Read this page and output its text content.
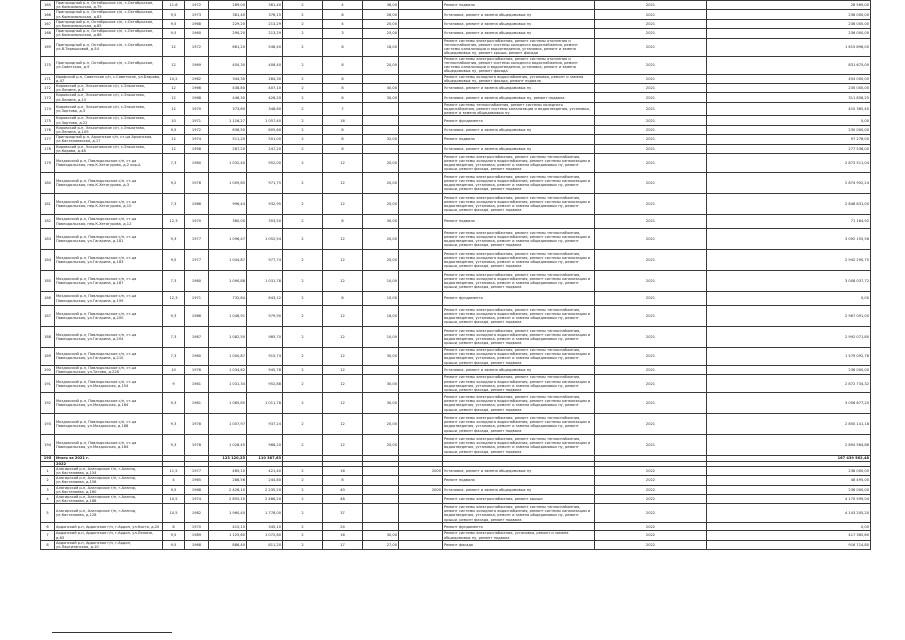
165	Пригородный р-н, Октябрьское с/п, с.Октябрьское, ул.Комсомольская, д.79	11.6	1972	289,00	381,40	2	4	36,00		Ремонт подвала	2021	28 569,00
166	Пригородный р-н, Октябрьское с/п, с.Октябрьское, ул.Комсомольская, д.83	9,5	1973	381,40	376,15	2	8	26,00		Установка, ремонт и замена общедомовых пу	2021	236 000,00
167	Пригородный р-н, Октябрьское с/п, с.Октябрьское, ул.Комсомольская, д.85	9,5	1968	229,20	213,29	2	4	20,00		Установка, ремонт и замена общедомовых пу	2021	236 000,00
168	Пригородный р-н, Октябрьское с/п, с.Октябрьское, ул.Комсомольская, д.86	9,5	1960	290,20	213,29	2	3	25,00		Установка, ремонт и замена общедомовых пу	2021	236 000,00
169	Пригородный р-н, Октябрьское с/п, с.Октябрьское, ул.В.Терешковой, д.54	12	1972	661,20	546,40	2	8	18,00		Ремонт системы электроснабжения, ремонт системы отопления и теплоснабжения, ремонт системы холодного водоснабжения, ремонт системы канализации и водоотведения, установка, ремонт и замена общедомовых пу, ремонт крыши, ремонт фасада	2021	1 615 896,00
170	Пригородный р-н, Октябрьское с/п, с.Октябрьское, ул.Советская, д.9	12	1969	450,30	408,40	2	8	20,00		Ремонт системы электроснабжения, ремонт системы отопления и теплоснабжения, ремонт системы холодного водоснабжения, ремонт системы канализации и водоотведения, установка, ремонт и замена общедомовых пу, ремонт фасада	2021	831 675,00
171	Ирафский р-н, Советское с/п, с.Советское, ул.Бзарова, д.47	10,2	1962	344,30	284,30	2	8			Ремонт системы холодного водоснабжения, установка, ремонт и замена общедомовых пу, ремонт фасада, ремонт подвала	2021	454 000,00
172	Кировский р-н, Эльхотовское с/п, с.Эльхотово, ул.Ленина, д.5	12	1966	438,80	407,10	2	8	40,00		Установка, ремонт и замена общедомовых пу	2021	230 000,00
173	Кировский р-н, Эльхотовское с/п, с.Эльхотово, ул.Ленина, д.15	12	1968	446,30	426,20	2	8	30,00		Установка, ремонт и замена общедомовых пу, ремонт подвала	2021	311 858,25
174	Кировский р-н, Эльхотовское с/п, с.Эльхотово, ул.Зортова, д.3	12	1970	373,60	348,60	2	7			Ремонт системы теплоснабжения, ремонт системы холодного водоснабжения, ремонт системы канализации и водоотведения, установка, ремонт и замена общедомовых пу	2021	410 365,40
175	Кировский р-н, Эльхотовское с/п, с.Эльхотово, ул.Зортова, д.22	10	1971	1 116,27	1 057,40	2	16			Ремонт фундамента	2021	0,00
176	Кировский р-н, Эльхотовское с/п, с.Эльхотово, ул.Ленина, д.109	9,5	1972	636,50	605,60	2	8			Установка, ремонт и замена общедомовых пу	2021	230 000,00
177	Пригородный р-н, Архонское с/п, ст-ца Архонская, ул.Кастанаевская, д.17	12	1974	511,20	501,00	2	8	32,00		Ремонт подвала	2021	97 276,00
178	Кировский р-н, Эльхотовское с/п, с.Эльхотово, ул.Кирова, д.48	12	1958	287,20	247,20	2	6			Установка, ремонт и замена общедомовых пу	2021	277 536,00
179	Моздокский р-н, Павлодольское с/п, ст-ца Павлодольская, пер.К.Хетагурова, д.2 кор.А	7,3	1980	1 032,40	952,00	2	12	20,00		Ремонт системы электроснабжения, ремонт системы теплоснабжения, ремонт системы холодного водоснабжения, ремонт системы канализации и водоотведения, установка, ремонт и замена общедомовых пу, ремонт крыши, ремонт фасада, ремонт подвала	2021	2 873 511,04
180	Моздокский р-н, Павлодольское с/п, ст-ца Павлодольская, пер.К.Хетагурова, д.3	9,2	1978	1 009,65	971,75	2	12	20,00		Ремонт системы электроснабжения, ремонт системы теплоснабжения, ремонт системы холодного водоснабжения, ремонт системы канализации и водоотведения, установка, ремонт и замена общедомовых пу, ремонт крыши, ремонт фасада, ремонт подвала	2021	2 874 952,24
181	Моздокский р-н, Павлодольское с/п, ст-ца Павлодольская, пер.К.Хетагурова, д.10	7,3	1986	996,44	932,95	2	12	20,00		Ремонт системы электроснабжения, ремонт системы теплоснабжения, ремонт системы холодного водоснабжения, ремонт системы канализации и водоотведения, установка, ремонт и замена общедомовых пу, ремонт крыши, ремонт фасада, ремонт подвала	2021	2 848 831,00
182	Моздокский р-н, Павлодольское с/п, ст-ца Павлодольская, пер.К.Хетагурова, д.12	12,3	1970	380,00	353,50	2	8	30,00		Ремонт подвала	2021	71 164,92
183	Моздокский р-н, Павлодольское с/п, ст-ца Павлодольская, ул.Гагарина, д.181	9,3	1977	1 096,47	1 052,54	2	12	20,00		Ремонт системы электроснабжения, ремонт системы теплоснабжения, ремонт системы холодного водоснабжения, ремонт системы канализации и водоотведения, установка, ремонт и замена общедомовых пу, ремонт крыши, ремонт фасада, ремонт подвала	2021	3 092 155,56
184	Моздокский р-н, Павлодольское с/п, ст-ца Павлодольская, ул.Гагарина, д.183	9,5	1977	1 044,87	977,74	2	12	20,00		Ремонт системы электроснабжения, ремонт системы теплоснабжения, ремонт системы холодного водоснабжения, ремонт системы канализации и водоотведения, установка, ремонт и замена общедомовых пу, ремонт крыши, ремонт фасада, ремонт подвала	2021	2 942 290,75
185	Моздокский р-н, Павлодольское с/п, ст-ца Павлодольская, ул.Гагарина, д.187	7,3	1980	1 090,88	1 031,78	2	12	10,00		Ремонт системы электроснабжения, ремонт системы теплоснабжения, ремонт системы холодного водоснабжения, ремонт системы канализации и водоотведения, установка, ремонт и замена общедомовых пу, ремонт крыши, ремонт фасада, ремонт подвала	2021	3 008 037,72
186	Моздокский р-н, Павлодольское с/п, ст-ца Павлодольская, ул.Гагарина, д.199	12,3	1971	732,84	643,12	2	8	10,00		Ремонт фундамента	2021	0,00
187	Моздокский р-н, Павлодольское с/п, ст-ца Павлодольская, ул.Гагарина, д.200	9,3	1986	1 048,91	979,90	2	12	16,00		Ремонт системы электроснабжения, ремонт системы теплоснабжения, ремонт системы холодного водоснабжения, ремонт системы канализации и водоотведения, установка, ремонт и замена общедомовых пу, ремонт крыши, ремонт фасада, ремонт подвала	2021	2 967 091,00
188	Моздокский р-н, Павлодольское с/п, ст-ца Павлодольская, ул.Гагарина, д.204	7,3	1987	1 082,50	985,70	2	12	10,00		Ремонт системы электроснабжения, ремонт системы теплоснабжения, ремонт системы холодного водоснабжения, ремонт системы канализации и водоотведения, установка, ремонт и замена общедомовых пу, ремонт крыши, ремонт фасада, ремонт подвала	2021	2 992 071,80
189	Моздокский р-н, Павлодольское с/п, ст-ца Павлодольская, ул.Гагарина, д.210	7,3	1980	1 000,87	915,74	2	12	30,00		Ремонт системы электроснабжения, ремонт системы теплоснабжения, ремонт системы холодного водоснабжения, ремонт системы канализации и водоотведения, установка, ремонт и замена общедомовых пу, ремонт крыши, ремонт фасада, ремонт подвала	2021	1 579 092,76
190	Моздокский р-н, Павлодольское с/п, ст-ца Павлодольская, ул.Титова, д.228	10	1976	1 034,62	945,78	2	12			Установка, ремонт и замена общедомовых пу	2021	236 000,00
191	Моздокский р-н, Павлодольское с/п, ст-ца Павлодольская, ул.Моздокская, д.154	9	1981	1 031,34	952,88	2	12	30,00		Ремонт системы электроснабжения, ремонт системы теплоснабжения, ремонт системы холодного водоснабжения, ремонт системы канализации и водоотведения, установка, ремонт и замена общедомовых пу, ремонт крыши, ремонт фасада, ремонт подвала	2021	2 872 734,32
192	Моздокский р-н, Павлодольское с/п, ст-ца Павлодольская, ул.Моздокская, д.164	9,3	1981	1 085,85	1 011,78	2	12	30,00		Ремонт системы электроснабжения, ремонт системы теплоснабжения, ремонт системы холодного водоснабжения, ремонт системы канализации и водоотведения, установка, ремонт и замена общедомовых пу, ремонт крыши, ремонт фасада, ремонт подвала	2021	3 056 677,20
193	Моздокский р-н, Павлодольское с/п, ст-ца Павлодольская, ул.Моздокская, д.168	9,3	1978	1 007,97	937,24	2	12	20,00		Ремонт системы электроснабжения, ремонт системы теплоснабжения, ремонт системы холодного водоснабжения, ремонт системы канализации и водоотведения, установка, ремонт и замена общедомовых пу, ремонт крыши, ремонт фасада, ремонт подвала	2021	2 850 141,18
194	Моздокский р-н, Павлодольское с/п, ст-ца Павлодольская, ул.Моздокская, д.164	9,3	1978	1 028,45	966,20	2	12	20,00		Ремонт системы электроснабжения, ремонт системы теплоснабжения, ремонт системы холодного водоснабжения, ремонт системы канализации и водоотведения, установка, ремонт и замена общедомовых пу, ремонт крыши, ремонт фасада, ремонт подвала	2021	2 894 564,86
195	Итого за 2021 г.			123 120,25	110 387,63							167 439 562,48
	2022											
1	Алагирский р-н, Алагирское г/п, г.Алагир, ул.Кастанаева, д.154	11,5	1977	465,10	421,40	2	16		2000	Установка, ремонт и замена общедомовых пу	2022	236 000,00
2	Алагирский р-н, Алагирское г/п, г.Алагир, ул.Кастанаева, д.156	4	1965	286,56	244,80	2	8			Ремонт подвала	2022	48 495,00
3	Алагирский р-н, Алагирское г/п, г.Алагир, ул.Кастанаева, д.160	9,5	1968	2 426,10	2 235,20	2	40		2000	Установка, ремонт и замена общедомовых пу	2022	236 000,00
4	Алагирский р-н, Алагирское г/п, г.Алагир, ул.Кастанаева, д.188	10,5	1974	2 855,10	2 486,20	2	48			Ремонт системы электроснабжения, ремонт крыши	2022	4 170 599,04
5	Алагирский р-н, Алагирское г/п, г.Алагир, ул.Кастанаева, д.128	10,5	1982	1 960,40	1 778,00	2	37			Ремонт системы электроснабжения, ремонт системы теплоснабжения, ремонт системы холодного водоснабжения, ремонт системы канализации и водоотведения, установка, ремонт и замена общедомовых пу, ремонт крыши, ремонт фасада, ремонт подвала	2022	4 143 205,20
6	Ардонский р-н, Ардонское г/п, г.Ардон, ул.Коста, д.20	8	1970	415,15	345,10	2	24			Ремонт фундамента	2022	0,00
7	Ардонский р-н, Ардонское г/п, г.Ардон, ул.Ленина, д.63	9,5	1989	1 125,60	1 072,60	2	16	30,00		Ремонт системы электроснабжения, установка, ремонт и замена общедомовых пу, ремонт подвала	2022	417 365,80
8	Ардонский р-н, Ардонское г/п, г.Ардон, ул.Партизанская, д.10	9,5	1968	886,40	811,20	2	17	27,00		Ремонт фасада	2022	916 714,80
